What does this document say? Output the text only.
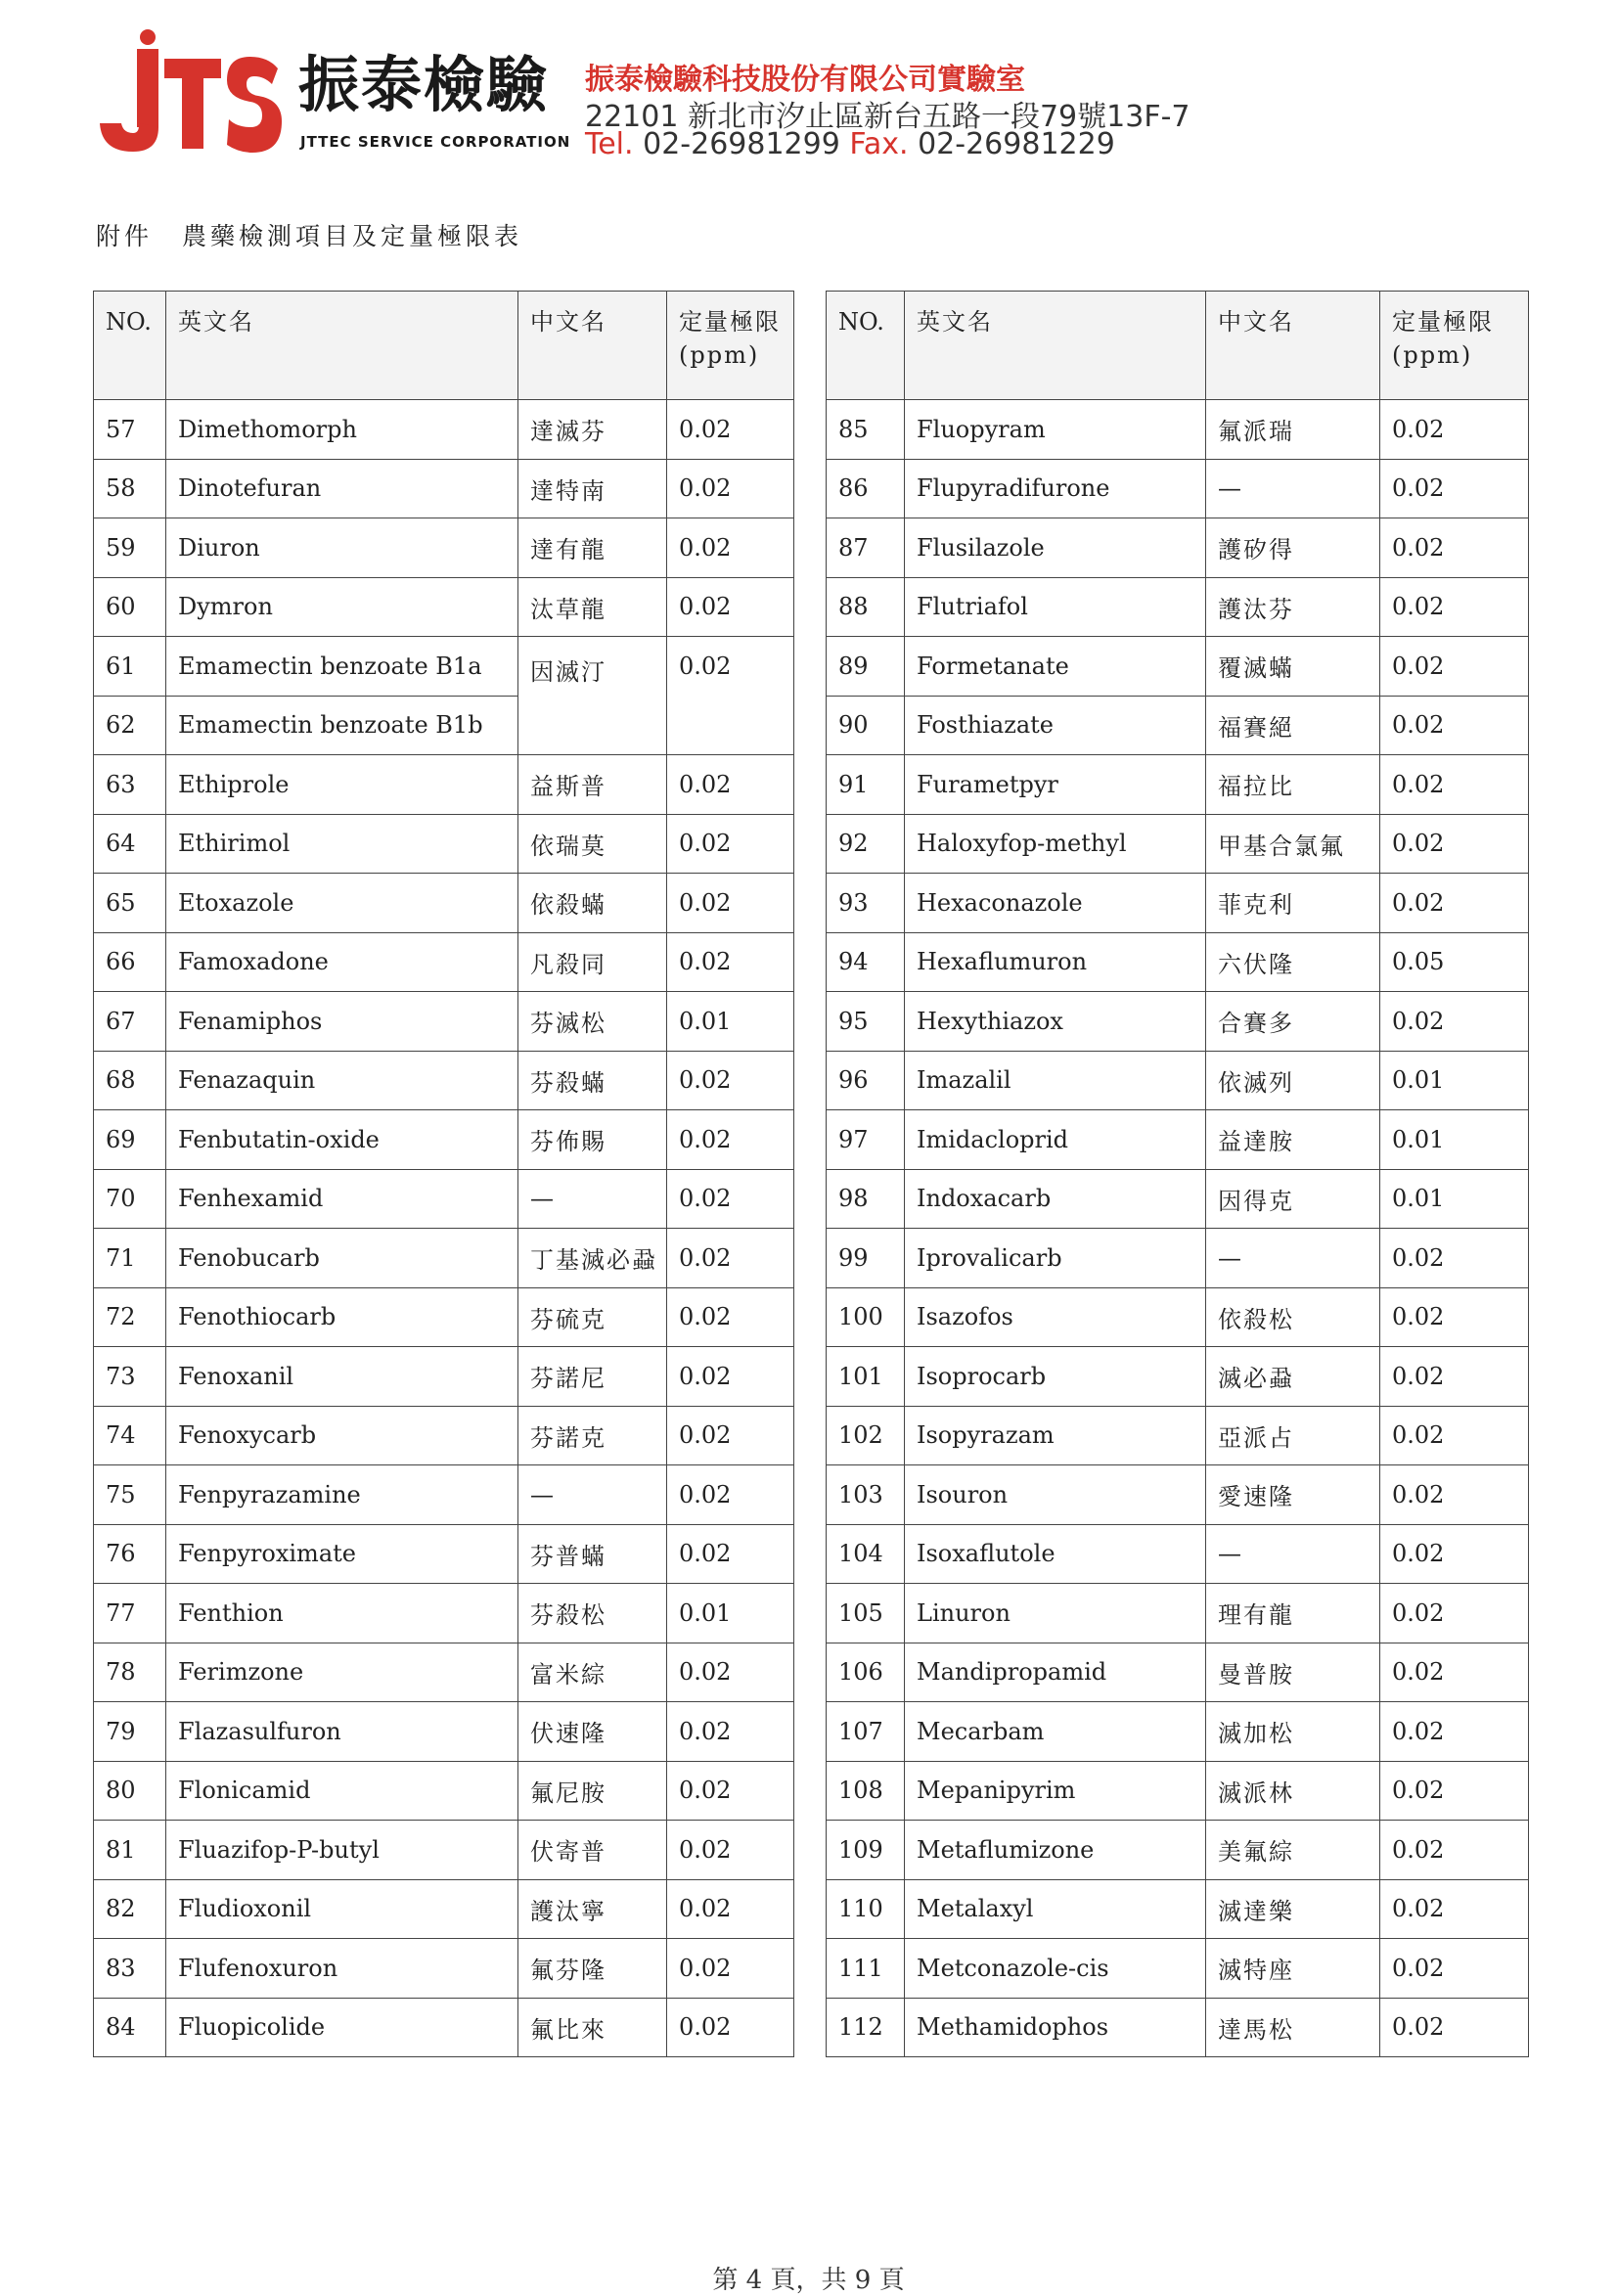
振泰檢驗
JTTEC SERVICE CORPORATION
振泰檢驗科技股份有限公司實驗室
22101 新北市汐止區新台五路一段79號13F-7
Tel. 02-26981299 Fax. 02-26981229
附件 農藥檢測項目及定量極限表
NO.	英文名	中文名	定量極限
(ppm)
57	Dimethomorph	達滅芬	0.02
58	Dinotefuran	達特南	0.02
59	Diuron	達有龍	0.02
60	Dymron	汰草龍	0.02
61	Emamectin benzoate B1a	因滅汀	0.02
62	Emamectin benzoate B1b		
63	Ethiprole	益斯普	0.02
64	Ethirimol	依瑞莫	0.02
65	Etoxazole	依殺蟎	0.02
66	Famoxadone	凡殺同	0.02
67	Fenamiphos	芬滅松	0.01
68	Fenazaquin	芬殺蟎	0.02
69	Fenbutatin-oxide	芬佈賜	0.02
70	Fenhexamid	—	0.02
71	Fenobucarb	丁基滅必蝨	0.02
72	Fenothiocarb	芬硫克	0.02
73	Fenoxanil	芬諾尼	0.02
74	Fenoxycarb	芬諾克	0.02
75	Fenpyrazamine	—	0.02
76	Fenpyroximate	芬普蟎	0.02
77	Fenthion	芬殺松	0.01
78	Ferimzone	富米綜	0.02
79	Flazasulfuron	伏速隆	0.02
80	Flonicamid	氟尼胺	0.02
81	Fluazifop-P-butyl	伏寄普	0.02
82	Fludioxonil	護汰寧	0.02
83	Flufenoxuron	氟芬隆	0.02
84	Fluopicolide	氟比來	0.02
NO.	英文名	中文名	定量極限
(ppm)
85	Fluopyram	氟派瑞	0.02
86	Flupyradifurone	—	0.02
87	Flusilazole	護矽得	0.02
88	Flutriafol	護汰芬	0.02
89	Formetanate	覆滅蟎	0.02
90	Fosthiazate	福賽絕	0.02
91	Furametpyr	福拉比	0.02
92	Haloxyfop-methyl	甲基合氯氟	0.02
93	Hexaconazole	菲克利	0.02
94	Hexaflumuron	六伏隆	0.05
95	Hexythiazox	合賽多	0.02
96	Imazalil	依滅列	0.01
97	Imidacloprid	益達胺	0.01
98	Indoxacarb	因得克	0.01
99	Iprovalicarb	—	0.02
100	Isazofos	依殺松	0.02
101	Isoprocarb	滅必蝨	0.02
102	Isopyrazam	亞派占	0.02
103	Isouron	愛速隆	0.02
104	Isoxaflutole	—	0.02
105	Linuron	理有龍	0.02
106	Mandipropamid	曼普胺	0.02
107	Mecarbam	滅加松	0.02
108	Mepanipyrim	滅派林	0.02
109	Metaflumizone	美氟綜	0.02
110	Metalaxyl	滅達樂	0.02
111	Metconazole-cis	滅特座	0.02
112	Methamidophos	達馬松	0.02
第 4 頁，共 9 頁
